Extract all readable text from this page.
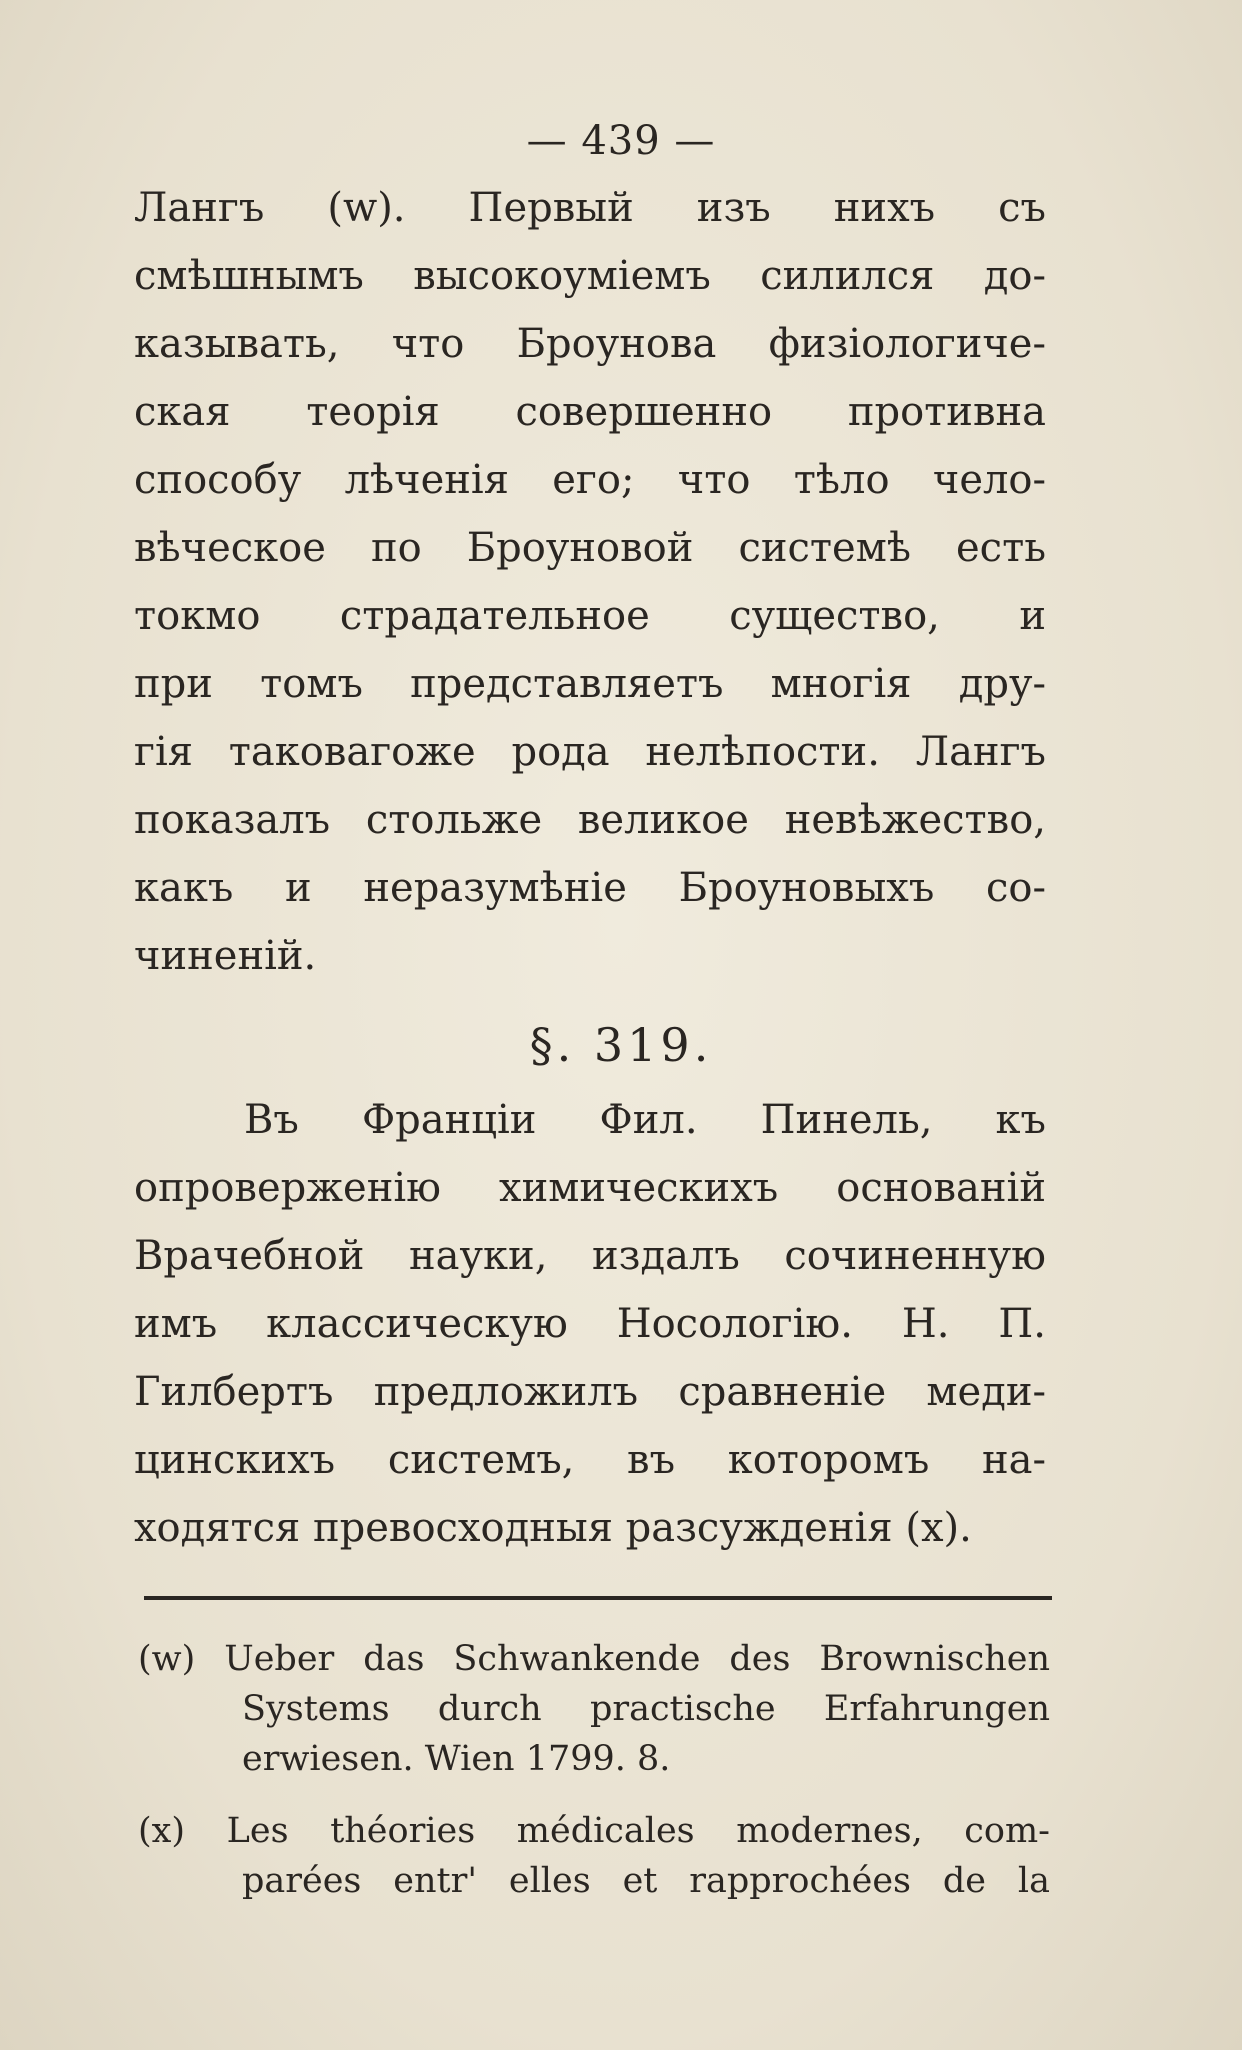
— 439 —
Лангъ (w). Первый изъ нихъ съ
смѣшнымъ высокоумiемъ силился до-
казывать, что Броунова физiологиче-
ская теорiя совершенно противна
способу лѣченiя его; что тѣло чело-
вѣческое по Броуновой системѣ есть
токмо страдательное существо, и
при томъ представляетъ многiя дру-
гiя таковагоже рода нелѣпости. Лангъ
показалъ стольже великое невѣжество,
какъ и неразумѣнiе Броуновыхъ со-
чиненiй.
§. 319.
Въ Францiи Фил. Пинель, къ
опроверженiю химическихъ основанiй
Врачебной науки, издалъ сочиненную
имъ классическую Носологiю. Н. П.
Гилбертъ предложилъ сравненiе меди-
цинскихъ системъ, въ которомъ на-
ходятся превосходныя разсужденiя (x).
(w) Ueber das Schwankende des Brownischen
Systems durch practische Erfahrungen
erwiesen. Wien 1799. 8.
(x) Les théories médicales modernes, com-
parées entr' elles et rapprochées de la
